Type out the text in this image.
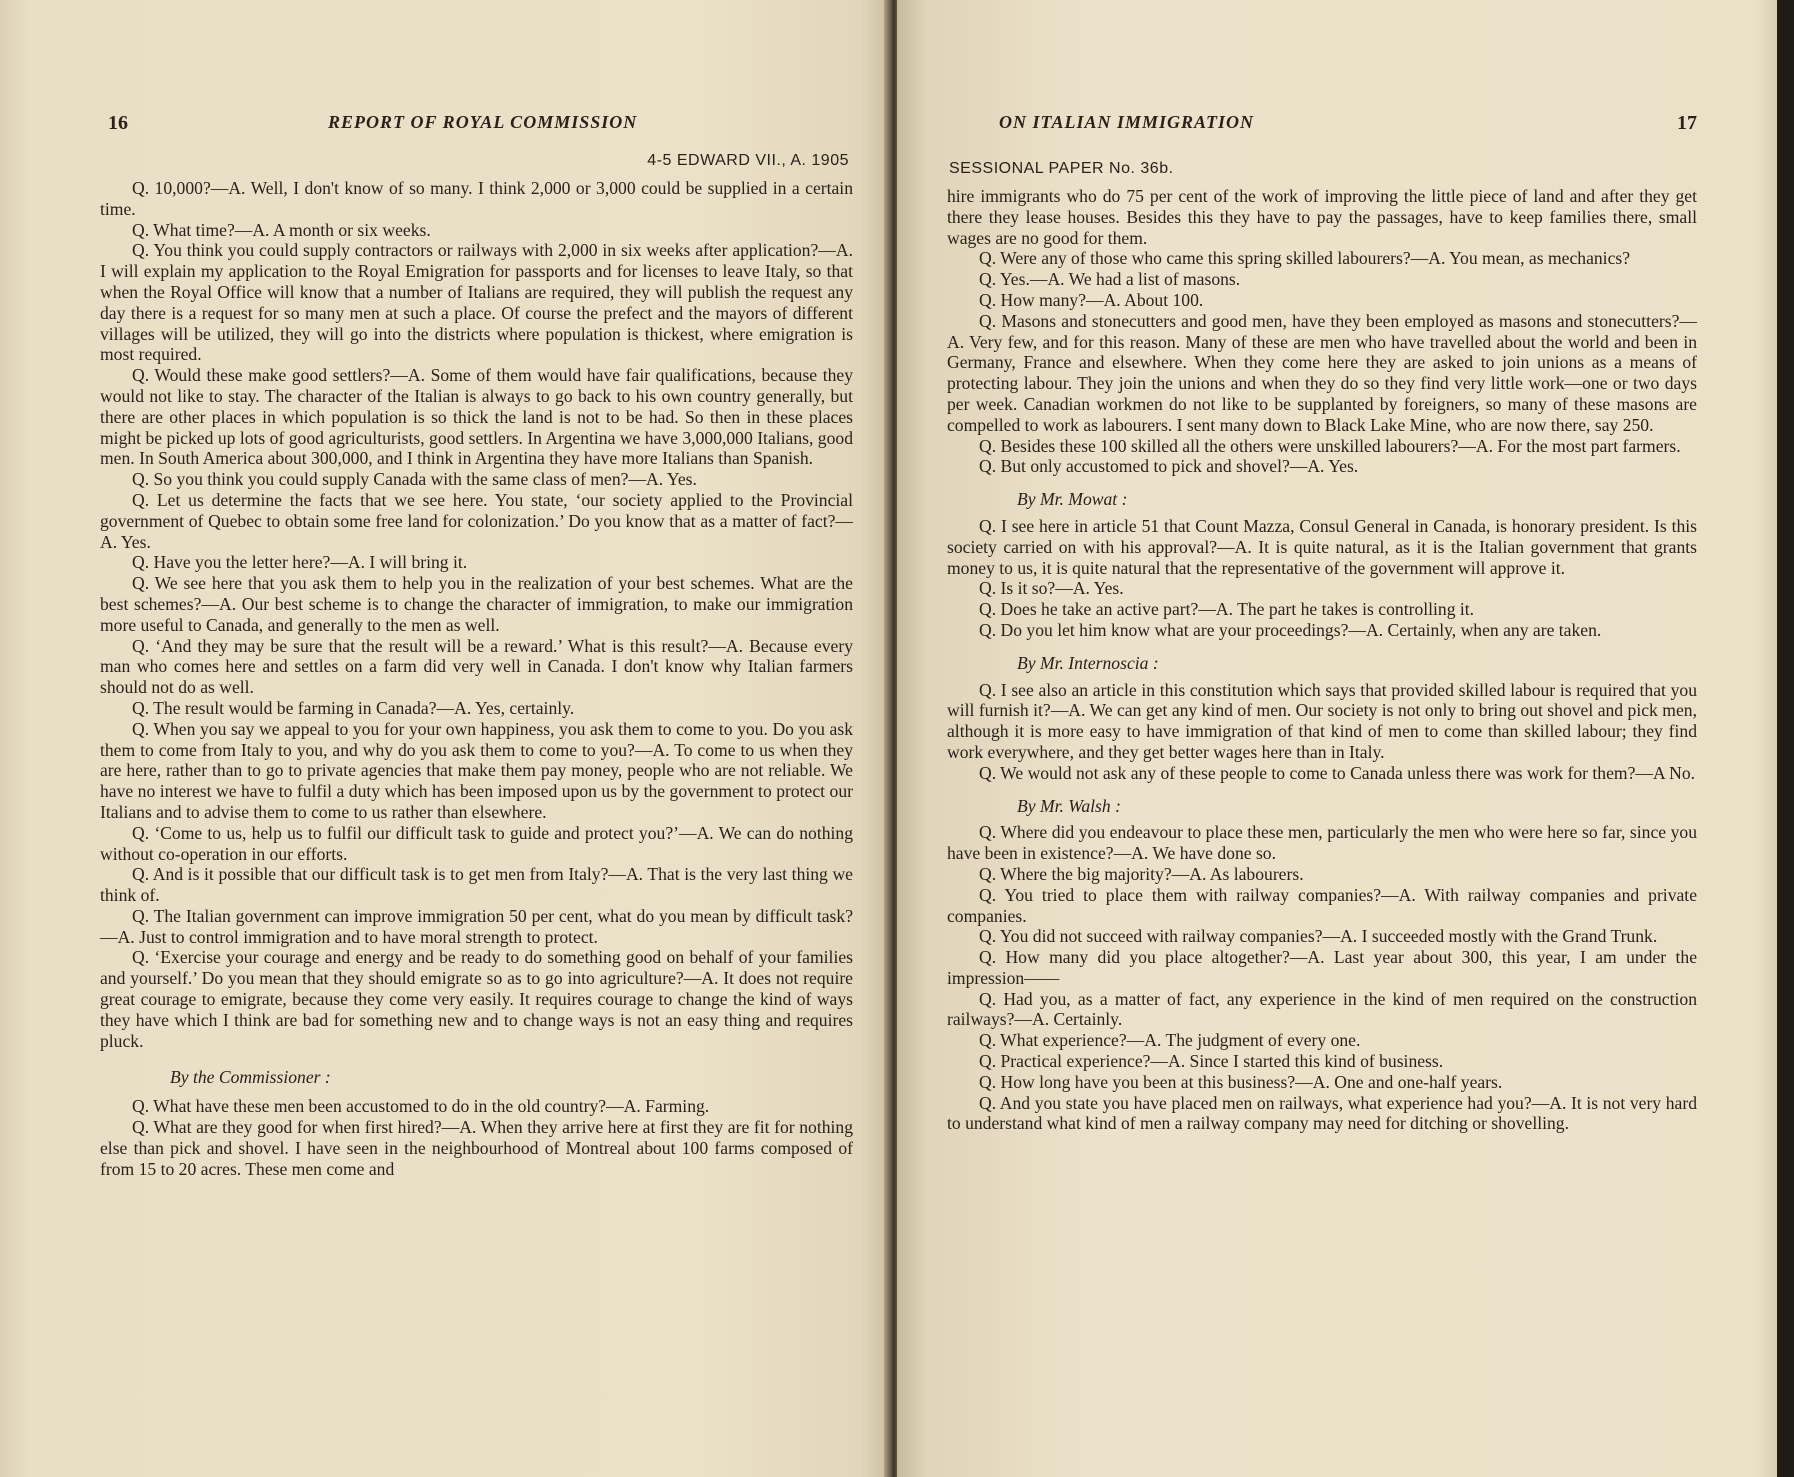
16	REPORT OF ROYAL COMMISSION
4-5 EDWARD VII., A. 1905

Q. 10,000?—A. Well, I don't know of so many. I think 2,000 or 3,000 could be supplied in a certain time.

Q. What time?—A. A month or six weeks.

Q. You think you could supply contractors or railways with 2,000 in six weeks after application?—A. I will explain my application to the Royal Emigration for passports and for licenses to leave Italy, so that when the Royal Office will know that a number of Italians are required, they will publish the request any day there is a request for so many men at such a place. Of course the prefect and the mayors of different villages will be utilized, they will go into the districts where population is thickest, where emigration is most required.

Q. Would these make good settlers?—A. Some of them would have fair qualifications, because they would not like to stay. The character of the Italian is always to go back to his own country generally, but there are other places in which population is so thick the land is not to be had. So then in these places might be picked up lots of good agriculturists, good settlers. In Argentina we have 3,000,000 Italians, good men. In South America about 300,000, and I think in Argentina they have more Italians than Spanish.

Q. So you think you could supply Canada with the same class of men?—A. Yes.

Q. Let us determine the facts that we see here. You state, ‘our society applied to the Provincial government of Quebec to obtain some free land for colonization.’ Do you know that as a matter of fact?—A. Yes.

Q. Have you the letter here?—A. I will bring it.

Q. We see here that you ask them to help you in the realization of your best schemes. What are the best schemes?—A. Our best scheme is to change the character of immigration, to make our immigration more useful to Canada, and generally to the men as well.

Q. ‘And they may be sure that the result will be a reward.’ What is this result?—A. Because every man who comes here and settles on a farm did very well in Canada. I don't know why Italian farmers should not do as well.

Q. The result would be farming in Canada?—A. Yes, certainly.

Q. When you say we appeal to you for your own happiness, you ask them to come to you. Do you ask them to come from Italy to you, and why do you ask them to come to you?—A. To come to us when they are here, rather than to go to private agencies that make them pay money, people who are not reliable. We have no interest we have to fulfil a duty which has been imposed upon us by the government to protect our Italians and to advise them to come to us rather than elsewhere.

Q. ‘Come to us, help us to fulfil our difficult task to guide and protect you?’—A. We can do nothing without co-operation in our efforts.

Q. And is it possible that our difficult task is to get men from Italy?—A. That is the very last thing we think of.

Q. The Italian government can improve immigration 50 per cent, what do you mean by difficult task?—A. Just to control immigration and to have moral strength to protect.

Q. ‘Exercise your courage and energy and be ready to do something good on behalf of your families and yourself.’ Do you mean that they should emigrate so as to go into agriculture?—A. It does not require great courage to emigrate, because they come very easily. It requires courage to change the kind of ways they have which I think are bad for something new and to change ways is not an easy thing and requires pluck.

By the Commissioner :

Q. What have these men been accustomed to do in the old country?—A. Farming.

Q. What are they good for when first hired?—A. When they arrive here at first they are fit for nothing else than pick and shovel. I have seen in the neighbourhood of Montreal about 100 farms composed of from 15 to 20 acres. These men come and

ON ITALIAN IMMIGRATION	17
SESSIONAL PAPER No. 36b.

hire immigrants who do 75 per cent of the work of improving the little piece of land and after they get there they lease houses. Besides this they have to pay the passages, have to keep families there, small wages are no good for them.

Q. Were any of those who came this spring skilled labourers?—A. You mean, as mechanics?

Q. Yes.—A. We had a list of masons.

Q. How many?—A. About 100.

Q. Masons and stonecutters and good men, have they been employed as masons and stonecutters?—A. Very few, and for this reason. Many of these are men who have travelled about the world and been in Germany, France and elsewhere. When they come here they are asked to join unions as a means of protecting labour. They join the unions and when they do so they find very little work—one or two days per week. Canadian workmen do not like to be supplanted by foreigners, so many of these masons are compelled to work as labourers. I sent many down to Black Lake Mine, who are now there, say 250.

Q. Besides these 100 skilled all the others were unskilled labourers?—A. For the most part farmers.

Q. But only accustomed to pick and shovel?—A. Yes.

By Mr. Mowat :

Q. I see here in article 51 that Count Mazza, Consul General in Canada, is honorary president. Is this society carried on with his approval?—A. It is quite natural, as it is the Italian government that grants money to us, it is quite natural that the representative of the government will approve it.

Q. Is it so?—A. Yes.

Q. Does he take an active part?—A. The part he takes is controlling it.

Q. Do you let him know what are your proceedings?—A. Certainly, when any are taken.

By Mr. Internoscia :

Q. I see also an article in this constitution which says that provided skilled labour is required that you will furnish it?—A. We can get any kind of men. Our society is not only to bring out shovel and pick men, although it is more easy to have immigration of that kind of men to come than skilled labour; they find work everywhere, and they get better wages here than in Italy.

Q. We would not ask any of these people to come to Canada unless there was work for them?—A No.

By Mr. Walsh :

Q. Where did you endeavour to place these men, particularly the men who were here so far, since you have been in existence?—A. We have done so.

Q. Where the big majority?—A. As labourers.

Q. You tried to place them with railway companies?—A. With railway companies and private companies.

Q. You did not succeed with railway companies?—A. I succeeded mostly with the Grand Trunk.

Q. How many did you place altogether?—A. Last year about 300, this year, I am under the impression——

Q. Had you, as a matter of fact, any experience in the kind of men required on the construction railways?—A. Certainly.

Q. What experience?—A. The judgment of every one.

Q. Practical experience?—A. Since I started this kind of business.

Q. How long have you been at this business?—A. One and one-half years.

Q. And you state you have placed men on railways, what experience had you?—A. It is not very hard to understand what kind of men a railway company may need for ditching or shovelling.
